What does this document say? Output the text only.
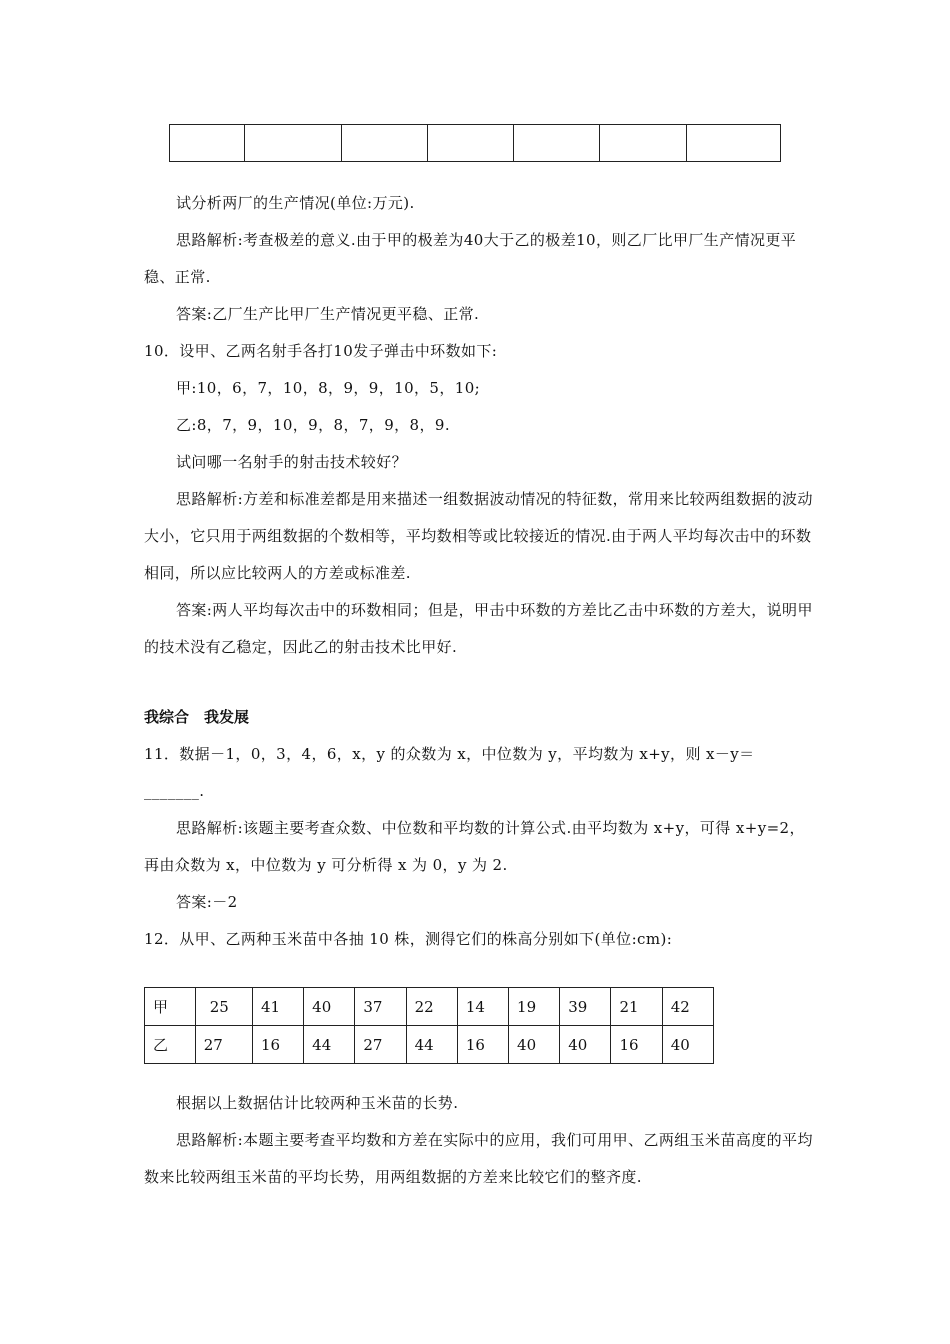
试分析两厂的生产情况(单位:万元).
思路解析:考查极差的意义.由于甲的极差为40大于乙的极差10，则乙厂比甲厂生产情况更平稳、正常.
答案:乙厂生产比甲厂生产情况更平稳、正常.
10．设甲、乙两名射手各打10发子弹击中环数如下:
甲:10，6，7，10，8，9，9，10，5，10;
乙:8，7，9，10，9，8，7，9，8，9.
试问哪一名射手的射击技术较好？
思路解析:方差和标准差都是用来描述一组数据波动情况的特征数，常用来比较两组数据的波动大小，它只用于两组数据的个数相等，平均数相等或比较接近的情况.由于两人平均每次击中的环数相同，所以应比较两人的方差或标准差.
答案:两人平均每次击中的环数相同；但是，甲击中环数的方差比乙击中环数的方差大，说明甲的技术没有乙稳定，因此乙的射击技术比甲好.
我综合　我发展
11．数据－1，0，3，4，6，x，y 的众数为 x，中位数为 y，平均数为 x+y，则 x－y＝
_______.
思路解析:该题主要考查众数、中位数和平均数的计算公式.由平均数为 x+y，可得 x+y=2，再由众数为 x，中位数为 y 可分析得 x 为 0，y 为 2.
答案:－2
12．从甲、乙两种玉米苗中各抽 10 株，测得它们的株高分别如下(单位:cm):
甲	25	41	40	37	22	14	19	39	21	42
乙	27	16	44	27	44	16	40	40	16	40
根据以上数据估计比较两种玉米苗的长势.
思路解析:本题主要考查平均数和方差在实际中的应用，我们可用甲、乙两组玉米苗高度的平均数来比较两组玉米苗的平均长势，用两组数据的方差来比较它们的整齐度.
